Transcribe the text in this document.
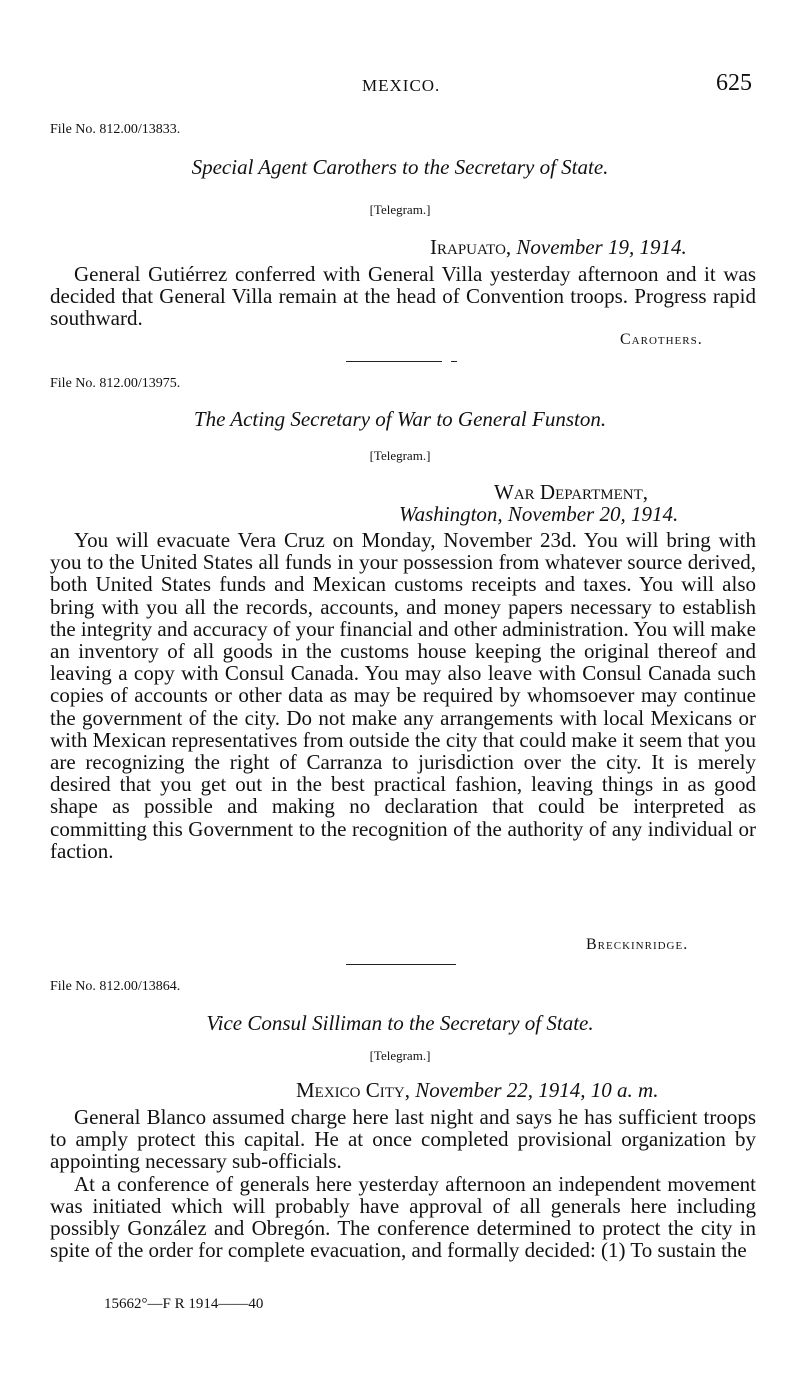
MEXICO.	625
File No. 812.00/13833.
Special Agent Carothers to the Secretary of State.
[Telegram.]
Irapuato, November 19, 1914.

General Gutiérrez conferred with General Villa yesterday afternoon and it was decided that General Villa remain at the head of Convention troops. Progress rapid southward.

Carothers.
File No. 812.00/13975.
The Acting Secretary of War to General Funston.
[Telegram.]
War Department,
Washington, November 20, 1914.

You will evacuate Vera Cruz on Monday, November 23d. You will bring with you to the United States all funds in your possession from whatever source derived, both United States funds and Mexican customs receipts and taxes. You will also bring with you all the records, accounts, and money papers necessary to establish the integrity and accuracy of your financial and other administration. You will make an inventory of all goods in the customs house keeping the original thereof and leaving a copy with Consul Canada. You may also leave with Consul Canada such copies of accounts or other data as may be required by whomsoever may continue the government of the city. Do not make any arrangements with local Mexicans or with Mexican representatives from outside the city that could make it seem that you are recognizing the right of Carranza to jurisdiction over the city. It is merely desired that you get out in the best practical fashion, leaving things in as good shape as possible and making no declaration that could be interpreted as committing this Government to the recognition of the authority of any individual or faction.

Breckinridge.
File No. 812.00/13864.
Vice Consul Silliman to the Secretary of State.
[Telegram.]
Mexico City, November 22, 1914, 10 a. m.

General Blanco assumed charge here last night and says he has sufficient troops to amply protect this capital. He at once completed provisional organization by appointing necessary sub-officials.

At a conference of generals here yesterday afternoon an independent movement was initiated which will probably have approval of all generals here including possibly González and Obregón. The conference determined to protect the city in spite of the order for complete evacuation, and formally decided: (1) To sustain the

15662°—F R 1914——40
